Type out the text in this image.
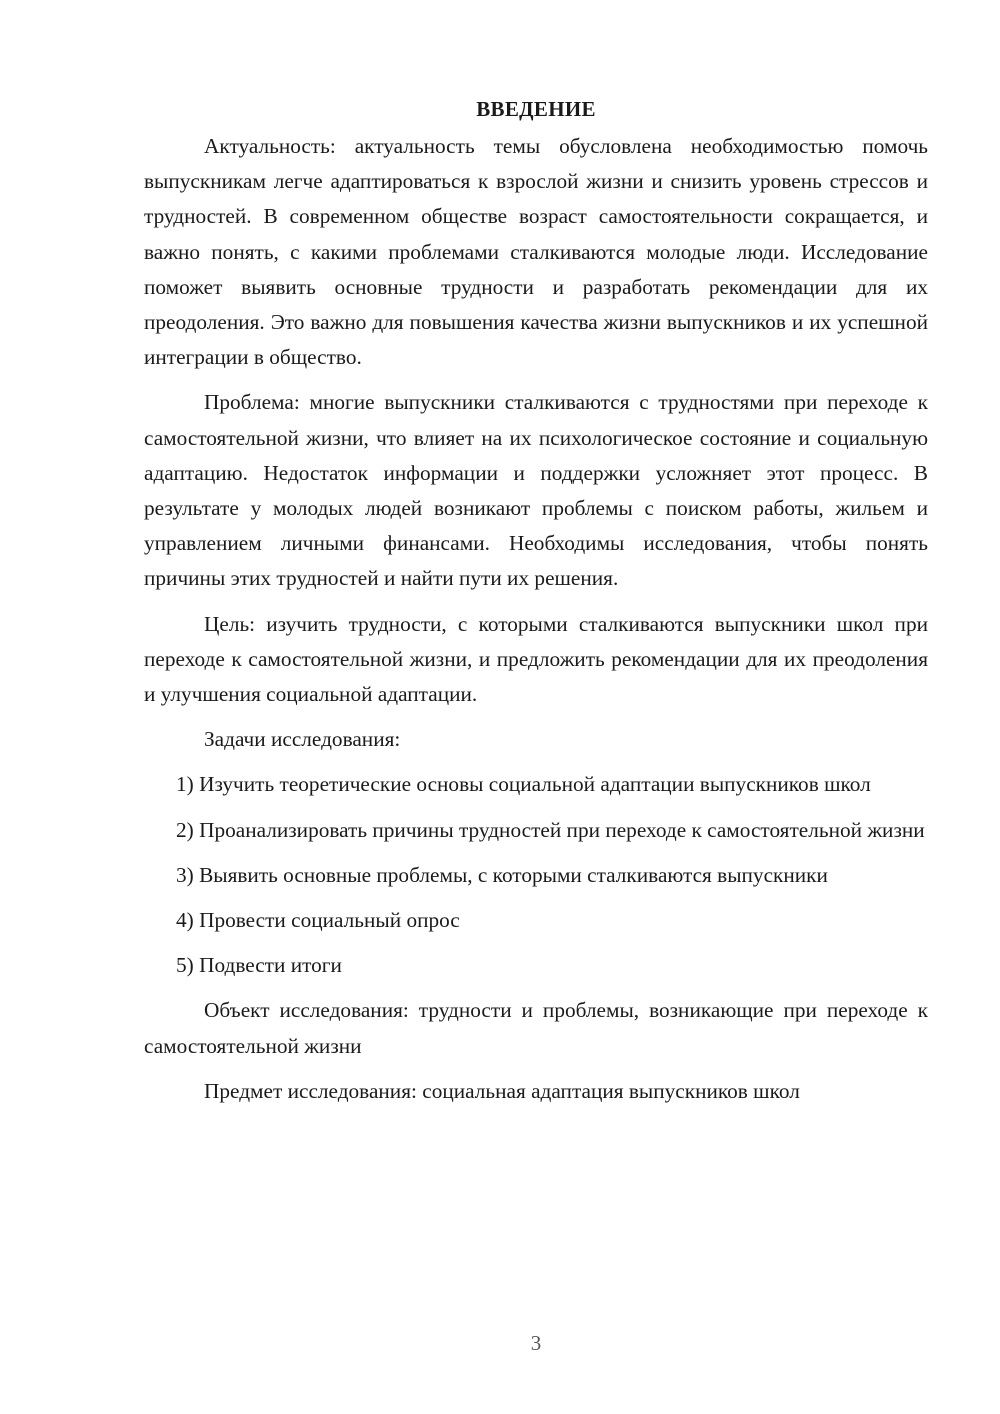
ВВЕДЕНИЕ

Актуальность: актуальность темы обусловлена необходимостью помочь выпускникам легче адаптироваться к взрослой жизни и снизить уровень стрессов и трудностей. В современном обществе возраст самостоятельности сокращается, и важно понять, с какими проблемами сталкиваются молодые люди. Исследование поможет выявить основные трудности и разработать рекомендации для их преодоления. Это важно для повышения качества жизни выпускников и их успешной интеграции в общество.

Проблема: многие выпускники сталкиваются с трудностями при переходе к самостоятельной жизни, что влияет на их психологическое состояние и социальную адаптацию. Недостаток информации и поддержки усложняет этот процесс. В результате у молодых людей возникают проблемы с поиском работы, жильем и управлением личными финансами. Необходимы исследования, чтобы понять причины этих трудностей и найти пути их решения.

Цель: изучить трудности, с которыми сталкиваются выпускники школ при переходе к самостоятельной жизни, и предложить рекомендации для их преодоления и улучшения социальной адаптации.

Задачи исследования:

1) Изучить теоретические основы социальной адаптации выпускников школ

2) Проанализировать причины трудностей при переходе к самостоятельной жизни

3) Выявить основные проблемы, с которыми сталкиваются выпускники

4) Провести социальный опрос

5) Подвести итоги

Объект исследования: трудности и проблемы, возникающие при переходе к самостоятельной жизни

Предмет исследования: социальная адаптация выпускников школ

3
